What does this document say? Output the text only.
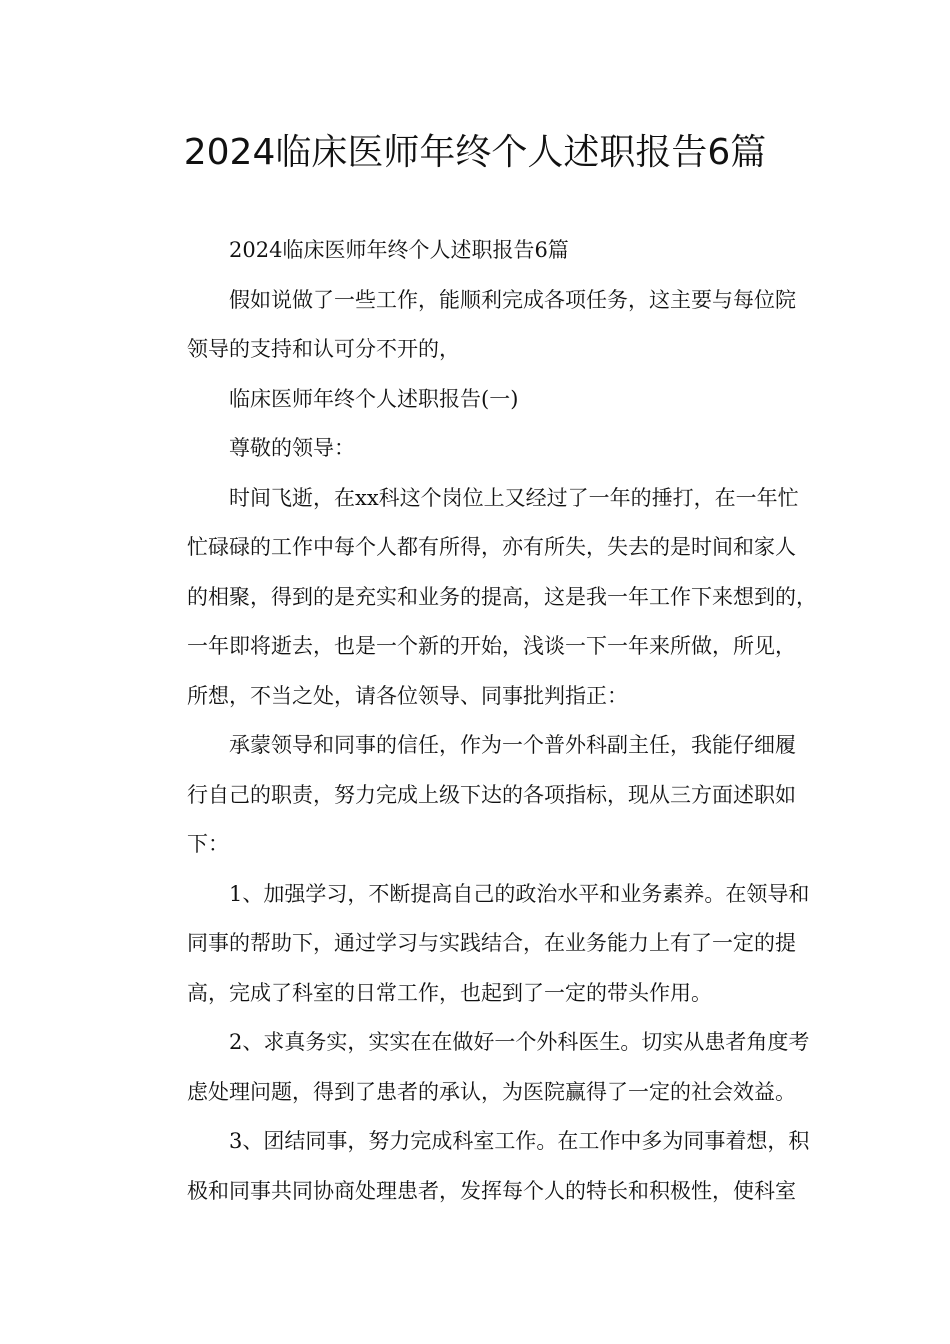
2024临床医师年终个人述职报告6篇
2024临床医师年终个人述职报告6篇
假如说做了一些工作，能顺利完成各项任务，这主要与每位院
领导的支持和认可分不开的，
临床医师年终个人述职报告(一)
尊敬的领导：
时间飞逝，在xx科这个岗位上又经过了一年的捶打，在一年忙
忙碌碌的工作中每个人都有所得，亦有所失，失去的是时间和家人
的相聚，得到的是充实和业务的提高，这是我一年工作下来想到的，
一年即将逝去，也是一个新的开始，浅谈一下一年来所做，所见，
所想，不当之处，请各位领导、同事批判指正：
承蒙领导和同事的信任，作为一个普外科副主任，我能仔细履
行自己的职责，努力完成上级下达的各项指标，现从三方面述职如
下：
1、加强学习，不断提高自己的政治水平和业务素养。在领导和
同事的帮助下，通过学习与实践结合，在业务能力上有了一定的提
高，完成了科室的日常工作，也起到了一定的带头作用。
2、求真务实，实实在在做好一个外科医生。切实从患者角度考
虑处理问题，得到了患者的承认，为医院赢得了一定的社会效益。
3、团结同事，努力完成科室工作。在工作中多为同事着想，积
极和同事共同协商处理患者，发挥每个人的特长和积极性，使科室
